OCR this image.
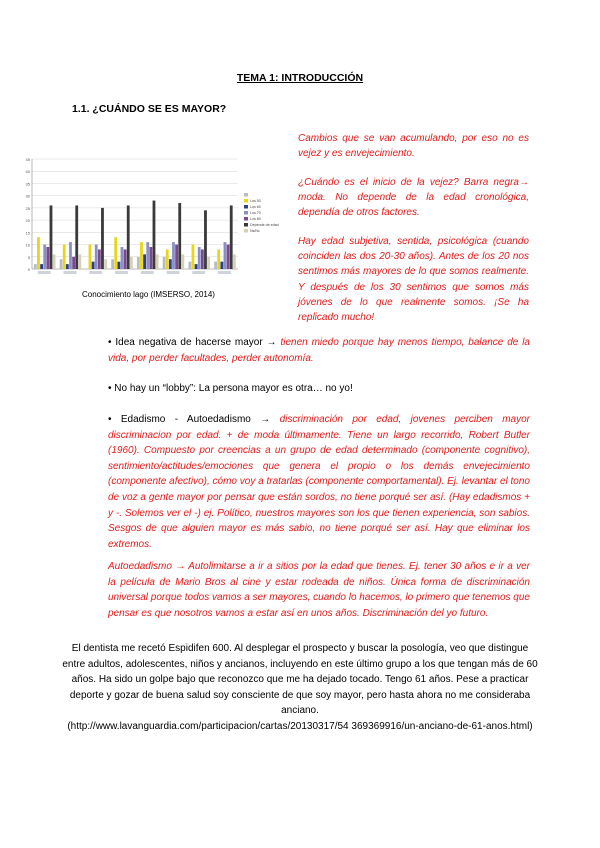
TEMA 1: INTRODUCCIÓN
1.1. ¿CUÁNDO SE ES MAYOR?

Cambios que se van acumulando, por eso no es vejez y es envejecimiento.

¿Cuándo es el inicio de la vejez? Barra negra→ moda. No depende de la edad cronológica, dependía de otros factores.

Hay edad subjetiva, sentida, psicológica (cuando coinciden las dos 20-30 años). Antes de los 20 nos sentimos más mayores de lo que somos realmente. Y después de los 30 sentimos que somos más jóvenes de lo que realmente somos. ¡Se ha replicado mucho!

0
5
10
15
20
25
30
35
40
45
Los 50
Los 60
Los 70
Los 80
Depende de edad
Ns/Nc
Conocimiento lago (IMSERSO, 2014)

• Idea negativa de hacerse mayor → tienen miedo porque hay menos tiempo, balance de la vida, por perder facultades, perder autonomía.

• No hay un “lobby”: La persona mayor es otra… no yo!

• Edadismo - Autoedadismo → discriminación por edad, jovenes perciben mayor discriminacion por edad. + de moda últimamente. Tiene un largo recorrido, Robert Butler (1960). Compuesto por creencias a un grupo de edad determinado (componente cognitivo), sentimiento/actitudes/emociones que genera el propio o los demás envejecimiento (componente afectivo), cómo voy a tratarlas (componente comportamental). Ej. levantar el tono de voz a gente mayor por pensar que están sordos, no tiene porqué ser así. (Hay edadismos + y -. Solemos ver el -) ej. Político, nuestros mayores son los que tienen experiencia, son sabios. Sesgos de que alguien mayor es más sabio, no tiene porqué ser así. Hay que eliminar los extremos.

Autoedadismo → Autolimitarse a ir a sitios por la edad que tienes. Ej. tener 30 años e ir a ver la película de Mario Bros al cine y estar rodeada de niños. Única forma de discriminación universal porque todos vamos a ser mayores, cuando lo hacemos, lo primero que tenemos que pensar es que nosotros vamos a estar así en unos años. Discriminación del yo futuro.

El dentista me recetó Espidifen 600. Al desplegar el prospecto y buscar la posología, veo que distingue entre adultos, adolescentes, niños y ancianos, incluyendo en este último grupo a los que tengan más de 60 años. Ha sido un golpe bajo que reconozco que me ha dejado tocado. Tengo 61 años. Pese a practicar deporte y gozar de buena salud soy consciente de que soy mayor, pero hasta ahora no me consideraba anciano.
(http://www.lavanguardia.com/participacion/cartas/20130317/54 369369916/un-anciano-de-61-anos.html)
